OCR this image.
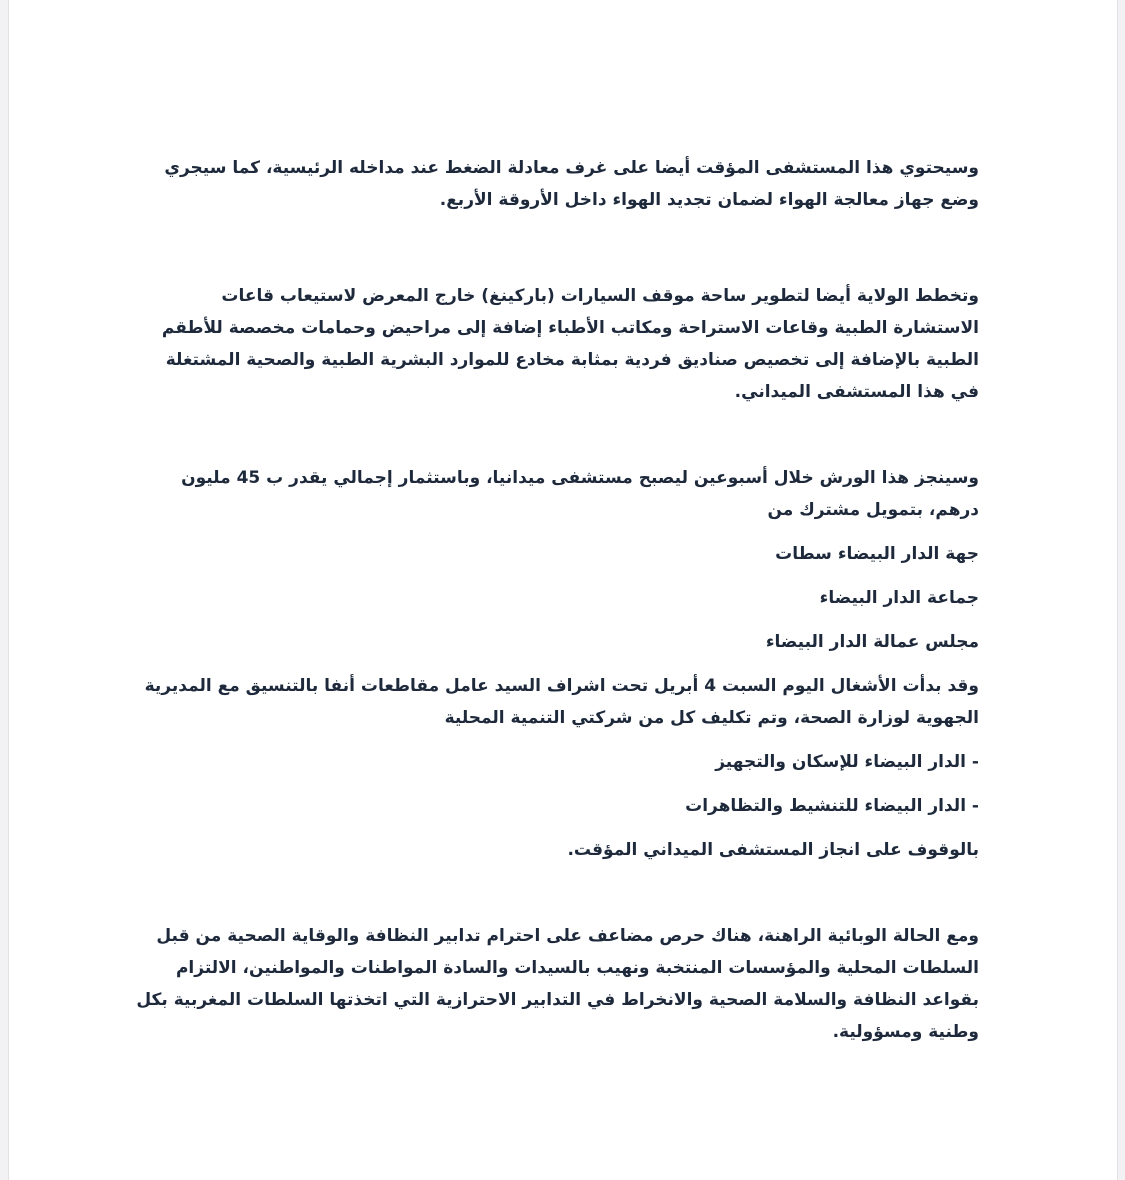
وسيحتوي هذا المستشفى المؤقت أيضا على غرف معادلة الضغط عند مداخله الرئيسية، كما سيجري وضع جهاز معالجة الهواء لضمان تجديد الهواء داخل الأروقة الأربع.

وتخطط الولاية أيضا لتطوير ساحة موقف السيارات (باركينغ) خارج المعرض لاستيعاب قاعات الاستشارة الطبية وقاعات الاستراحة ومكاتب الأطباء إضافة إلى مراحيض وحمامات مخصصة للأطقم الطبية بالإضافة إلى تخصيص صناديق فردية بمثابة مخادع للموارد البشرية الطبية والصحية المشتغلة في هذا المستشفى الميداني.

وسينجز هذا الورش خلال أسبوعين ليصبح مستشفى ميدانيا، وباستثمار إجمالي يقدر ب 45 مليون درهم، بتمويل مشترك من

جهة الدار البيضاء سطات

جماعة الدار البيضاء

مجلس عمالة الدار البيضاء

وقد بدأت الأشغال اليوم السبت 4 أبريل تحت اشراف السيد عامل مقاطعات أنفا بالتنسيق مع المديرية الجهوية لوزارة الصحة، وتم تكليف كل من شركتي التنمية المحلية

- الدار البيضاء للإسكان والتجهيز

- الدار البيضاء للتنشيط والتظاهرات

بالوقوف على انجاز المستشفى الميداني المؤقت.

ومع الحالة الوبائية الراهنة، هناك حرص مضاعف على احترام تدابير النظافة والوقاية الصحية من قبل السلطات المحلية والمؤسسات المنتخبة ونهيب بالسيدات والسادة المواطنات والمواطنين، الالتزام بقواعد النظافة والسلامة الصحية والانخراط في التدابير الاحترازية التي اتخذتها السلطات المغربية بكل وطنية ومسؤولية.
